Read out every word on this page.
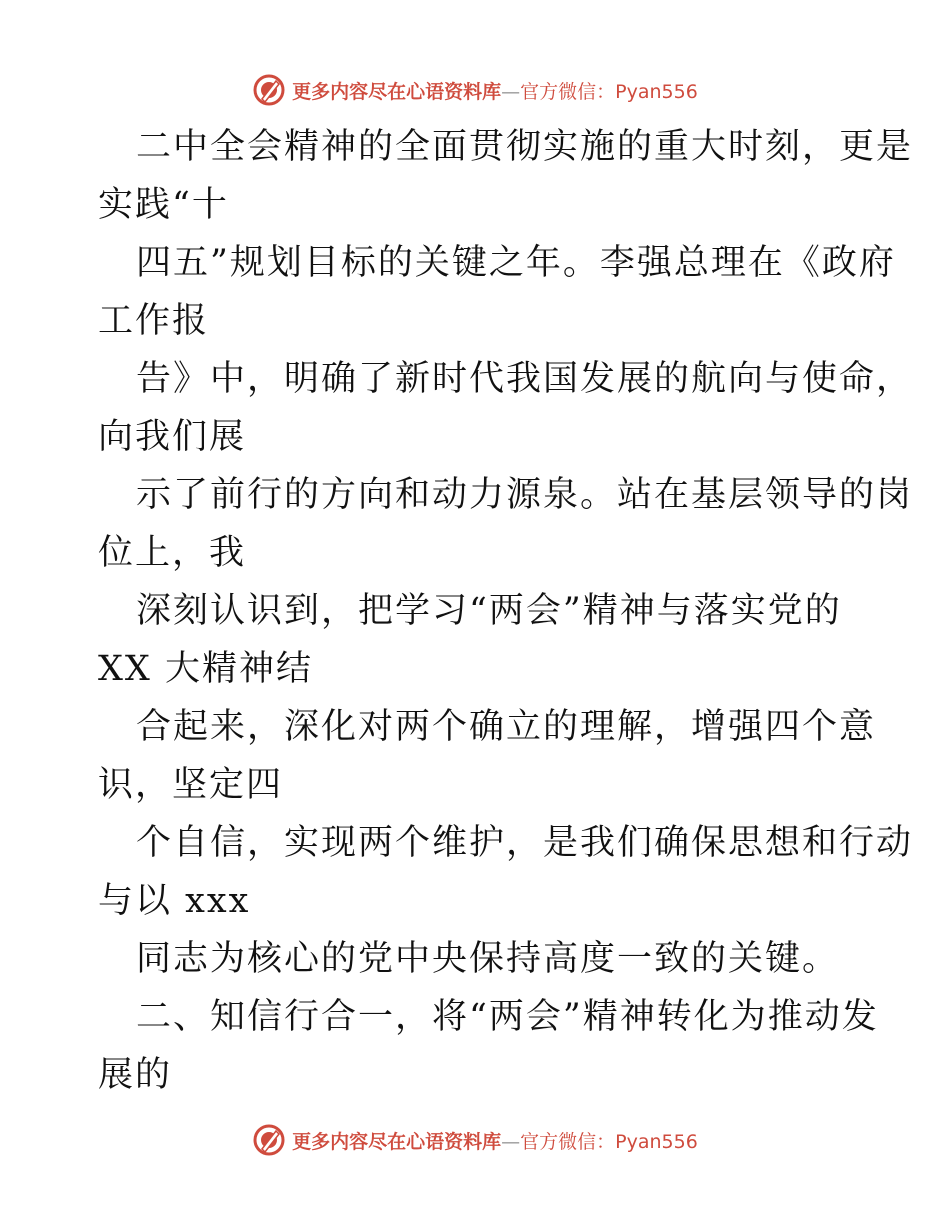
更多内容尽在心语资料库—官方微信：Pyan556
二中全会精神的全面贯彻实施的重大时刻，更是
实践“十
四五”规划目标的关键之年。李强总理在《政府
工作报
告》中，明确了新时代我国发展的航向与使命，
向我们展
示了前行的方向和动力源泉。站在基层领导的岗
位上，我
深刻认识到，把学习“两会”精神与落实党的
XX 大精神结
合起来，深化对两个确立的理解，增强四个意
识，坚定四
个自信，实现两个维护，是我们确保思想和行动
与以 xxx
同志为核心的党中央保持高度一致的关键。
二、知信行合一，将“两会”精神转化为推动发
展的
更多内容尽在心语资料库—官方微信：Pyan556
